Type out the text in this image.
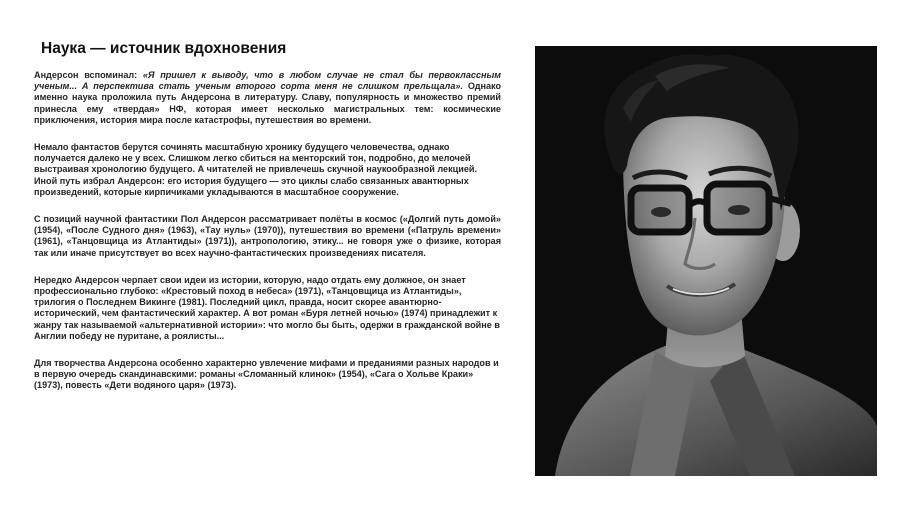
Наука — источник вдохновения

Андерсон вспоминал: «Я пришел к выводу, что в любом случае не стал бы первоклассным ученым... А перспектива стать ученым второго сорта меня не слишком прельщала». Однако именно наука проложила путь Андерсона в литературу. Славу, популярность и множество премий принесла ему «твердая» НФ, которая имеет несколько магистральных тем: космические приключения, история мира после катастрофы, путешествия во времени.

Немало фантастов берутся сочинять масштабную хронику будущего человечества, однако получается далеко не у всех. Слишком легко сбиться на менторский тон, подробно, до мелочей выстраивая хронологию будущего. А читателей не привлечешь скучной наукообразной лекцией. Иной путь избрал Андерсон: его история будущего — это циклы слабо связанных авантюрных произведений, которые кирпичиками укладываются в масштабное сооружение.

С позиций научной фантастики Пол Андерсон рассматривает полёты в космос («Долгий путь домой» (1954), «После Судного дня» (1963), «Тау нуль» (1970)), путешествия во времени («Патруль времени» (1961), «Танцовщица из Атлантиды» (1971)), антропологию, этику... не говоря уже о физике, которая так или иначе присутствует во всех научно-фантастических произведениях писателя.

Нередко Андерсон черпает свои идеи из истории, которую, надо отдать ему должное, он знает профессионально глубоко: «Крестовый поход в небеса» (1971), «Танцовщица из Атлантиды», трилогия о Последнем Викинге (1981). Последний цикл, правда, носит скорее авантюрно-исторический, чем фантастический характер. А вот роман «Буря летней ночью» (1974) принадлежит к жанру так называемой «альтернативной истории»: что могло бы быть, одержи в гражданской войне в Англии победу не пуритане, а роялисты...

Для творчества Андерсона особенно характерно увлечение мифами и преданиями разных народов и в первую очередь скандинавскими: романы «Сломанный клинок» (1954), «Сага о Хольве Краки» (1973), повесть «Дети водяного царя» (1973).
